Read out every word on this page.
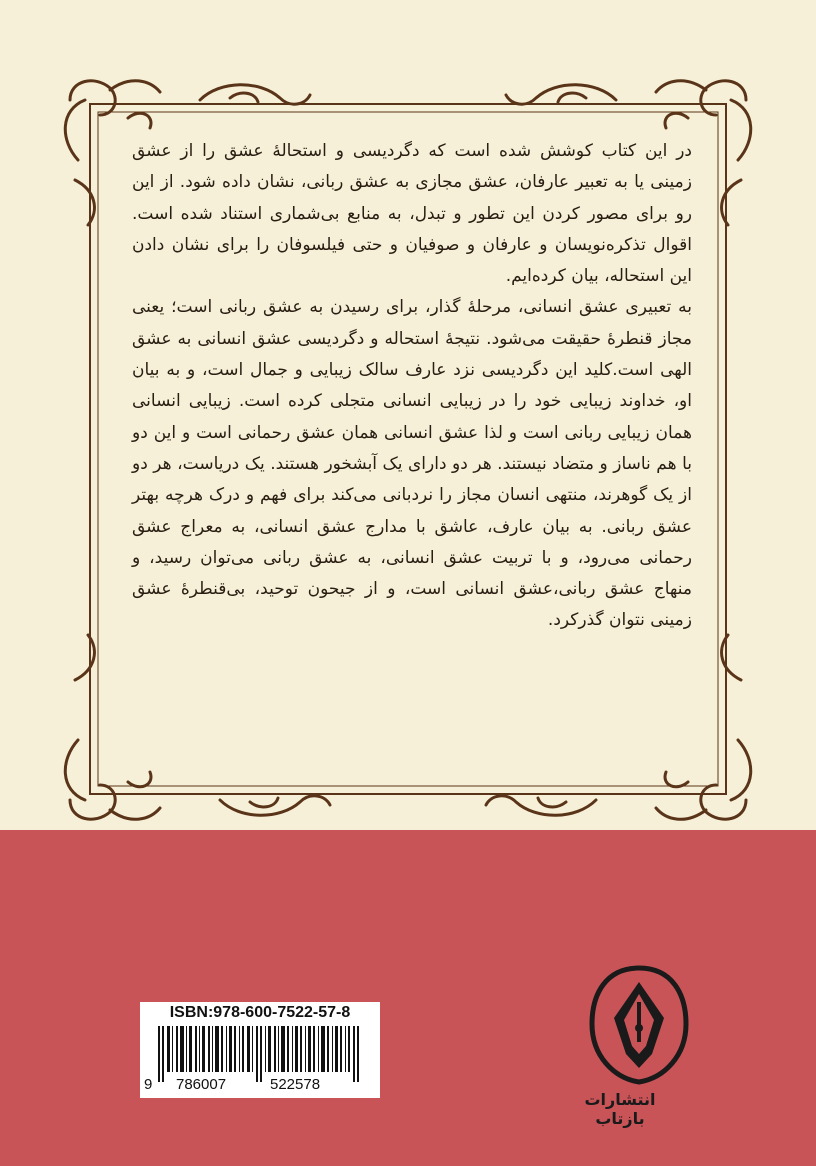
در این کتاب کوشش شده است که دگردیسی و استحالهٔ عشق را از عشق زمینی یا به تعبیر عارفان، عشق مجازی به عشق ربانی، نشان داده شود. از این رو برای مصور کردن این تطور و تبدل، به منابع بی‌شماری استناد شده است. اقوال تذکره‌نویسان و عارفان و صوفیان و حتی فیلسوفان را برای نشان دادن این استحاله، بیان کرده‌ایم.

به تعبیری عشق انسانی، مرحلهٔ گذار، برای رسیدن به عشق ربانی است؛ یعنی مجاز قنطرهٔ حقیقت می‌شود. نتیجهٔ استحاله و دگردیسی عشق انسانی به عشق الهی است.کلید این دگردیسی نزد عارف سالک زیبایی و جمال است، و به بیان او، خداوند زیبایی خود را در زیبایی انسانی متجلی کرده است. زیبایی انسانی همان زیبایی ربانی است و لذا عشق انسانی همان عشق رحمانی است و این دو با هم ناساز و متضاد نیستند. هر دو دارای یک آبشخور هستند. یک دریاست، هر دو از یک گوهرند، منتهی انسان مجاز را نردبانی می‌کند برای فهم و درک هرچه بهتر عشق ربانی. به بیان عارف، عاشق با مدارج عشق انسانی، به معراج عشق رحمانی می‌رود، و با تربیت عشق انسانی، به عشق ربانی می‌توان رسید، و منهاج عشق ربانی،عشق انسانی است، و از جیحون توحید، بی‌قنطرهٔ عشق زمینی نتوان گذرکرد.

ISBN:978-600-7522-57-8
9 786007	522578
انتشارات بازتاب
